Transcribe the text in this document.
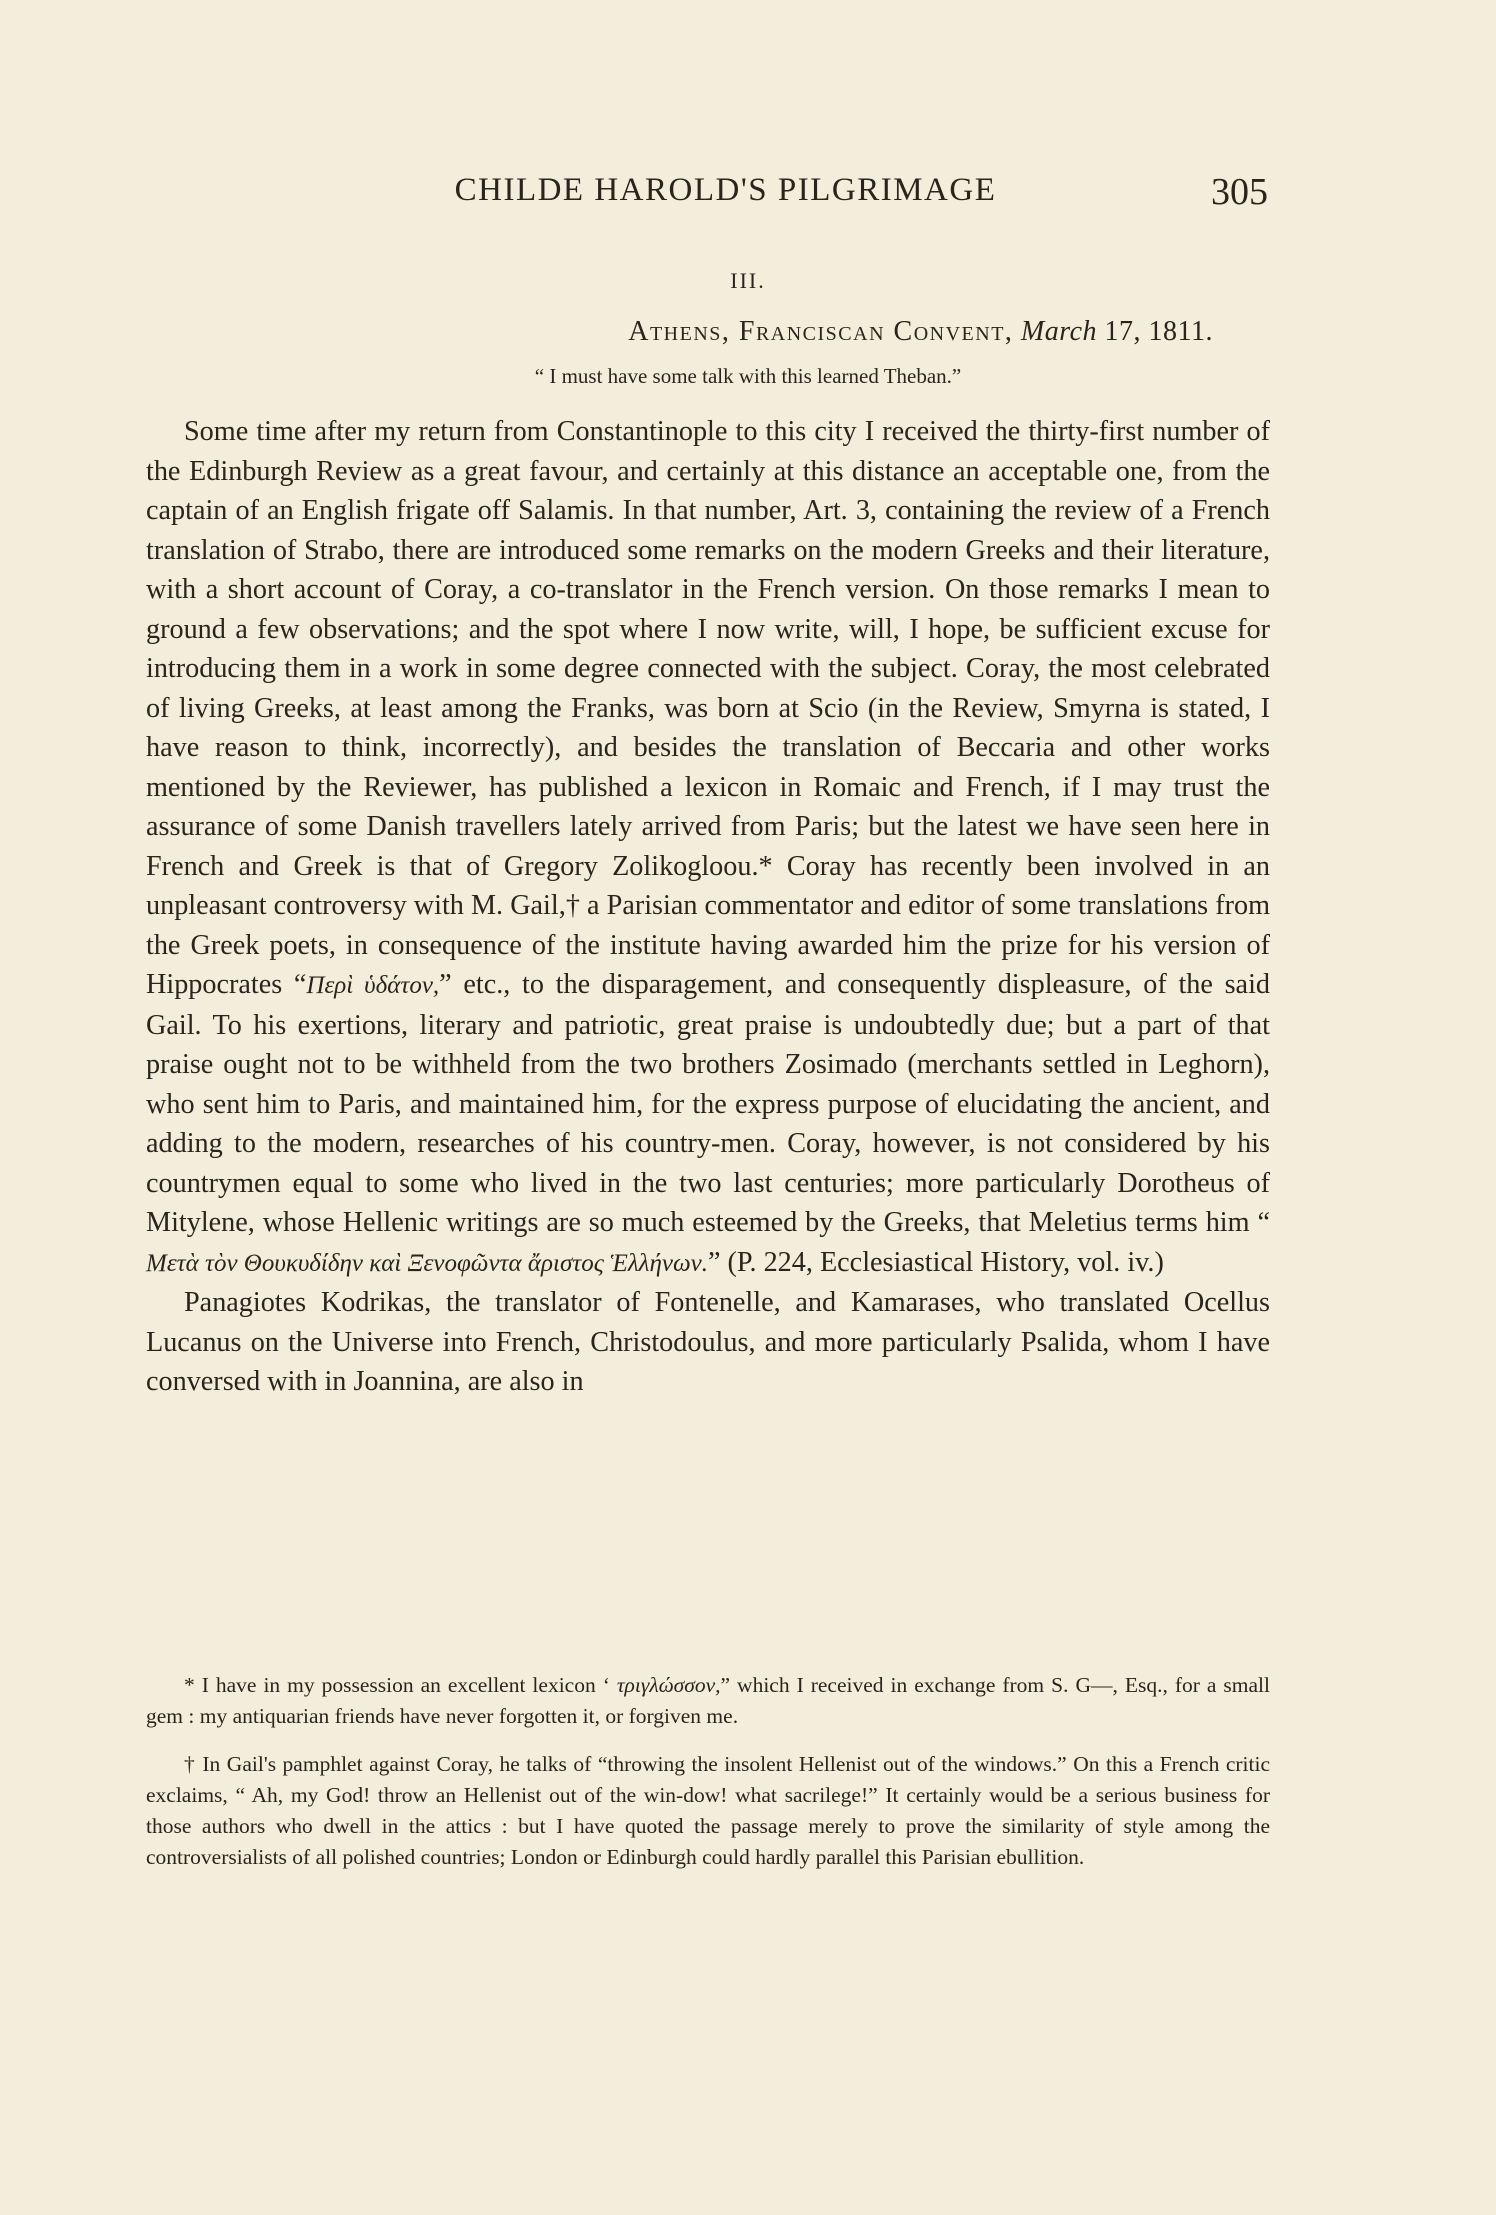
CHILDE HAROLD'S PILGRIMAGE	305
III.
Athens, Franciscan Convent, March 17, 1811.
“ I must have some talk with this learned Theban.”

Some time after my return from Constantinople to this city I received the thirty-first number of the Edinburgh Review as a great favour, and certainly at this distance an acceptable one, from the captain of an English frigate off Salamis. In that number, Art. 3, containing the review of a French translation of Strabo, there are introduced some remarks on the modern Greeks and their literature, with a short account of Coray, a co-translator in the French version. On those remarks I mean to ground a few observations; and the spot where I now write, will, I hope, be sufficient excuse for introducing them in a work in some degree connected with the subject. Coray, the most celebrated of living Greeks, at least among the Franks, was born at Scio (in the Review, Smyrna is stated, I have reason to think, incorrectly), and besides the translation of Beccaria and other works mentioned by the Reviewer, has published a lexicon in Romaic and French, if I may trust the assurance of some Danish travellers lately arrived from Paris; but the latest we have seen here in French and Greek is that of Gregory Zolikogloou.* Coray has recently been involved in an unpleasant controversy with M. Gail,† a Parisian commentator and editor of some translations from the Greek poets, in consequence of the institute having awarded him the prize for his version of Hippocrates “Περὶ ὑδάτον,” etc., to the disparagement, and consequently displeasure, of the said Gail. To his exertions, literary and patriotic, great praise is undoubtedly due; but a part of that praise ought not to be withheld from the two brothers Zosimado (merchants settled in Leghorn), who sent him to Paris, and maintained him, for the express purpose of elucidating the ancient, and adding to the modern, researches of his country-men. Coray, however, is not considered by his countrymen equal to some who lived in the two last centuries; more particularly Dorotheus of Mitylene, whose Hellenic writings are so much esteemed by the Greeks, that Meletius terms him “ Μετὰ τὸν Θουκυδίδην καὶ Ξενοφῶντα ἄριστος Ἑλλήνων.” (P. 224, Ecclesiastical History, vol. iv.)

Panagiotes Kodrikas, the translator of Fontenelle, and Kamarases, who translated Ocellus Lucanus on the Universe into French, Christodoulus, and more particularly Psalida, whom I have conversed with in Joannina, are also in

* I have in my possession an excellent lexicon ‘ τριγλώσσον,” which I received in exchange from S. G—, Esq., for a small gem : my antiquarian friends have never forgotten it, or forgiven me.

† In Gail's pamphlet against Coray, he talks of “throwing the insolent Hellenist out of the windows.” On this a French critic exclaims, “ Ah, my God! throw an Hellenist out of the win-dow! what sacrilege!” It certainly would be a serious business for those authors who dwell in the attics : but I have quoted the passage merely to prove the similarity of style among the controversialists of all polished countries; London or Edinburgh could hardly parallel this Parisian ebullition.
